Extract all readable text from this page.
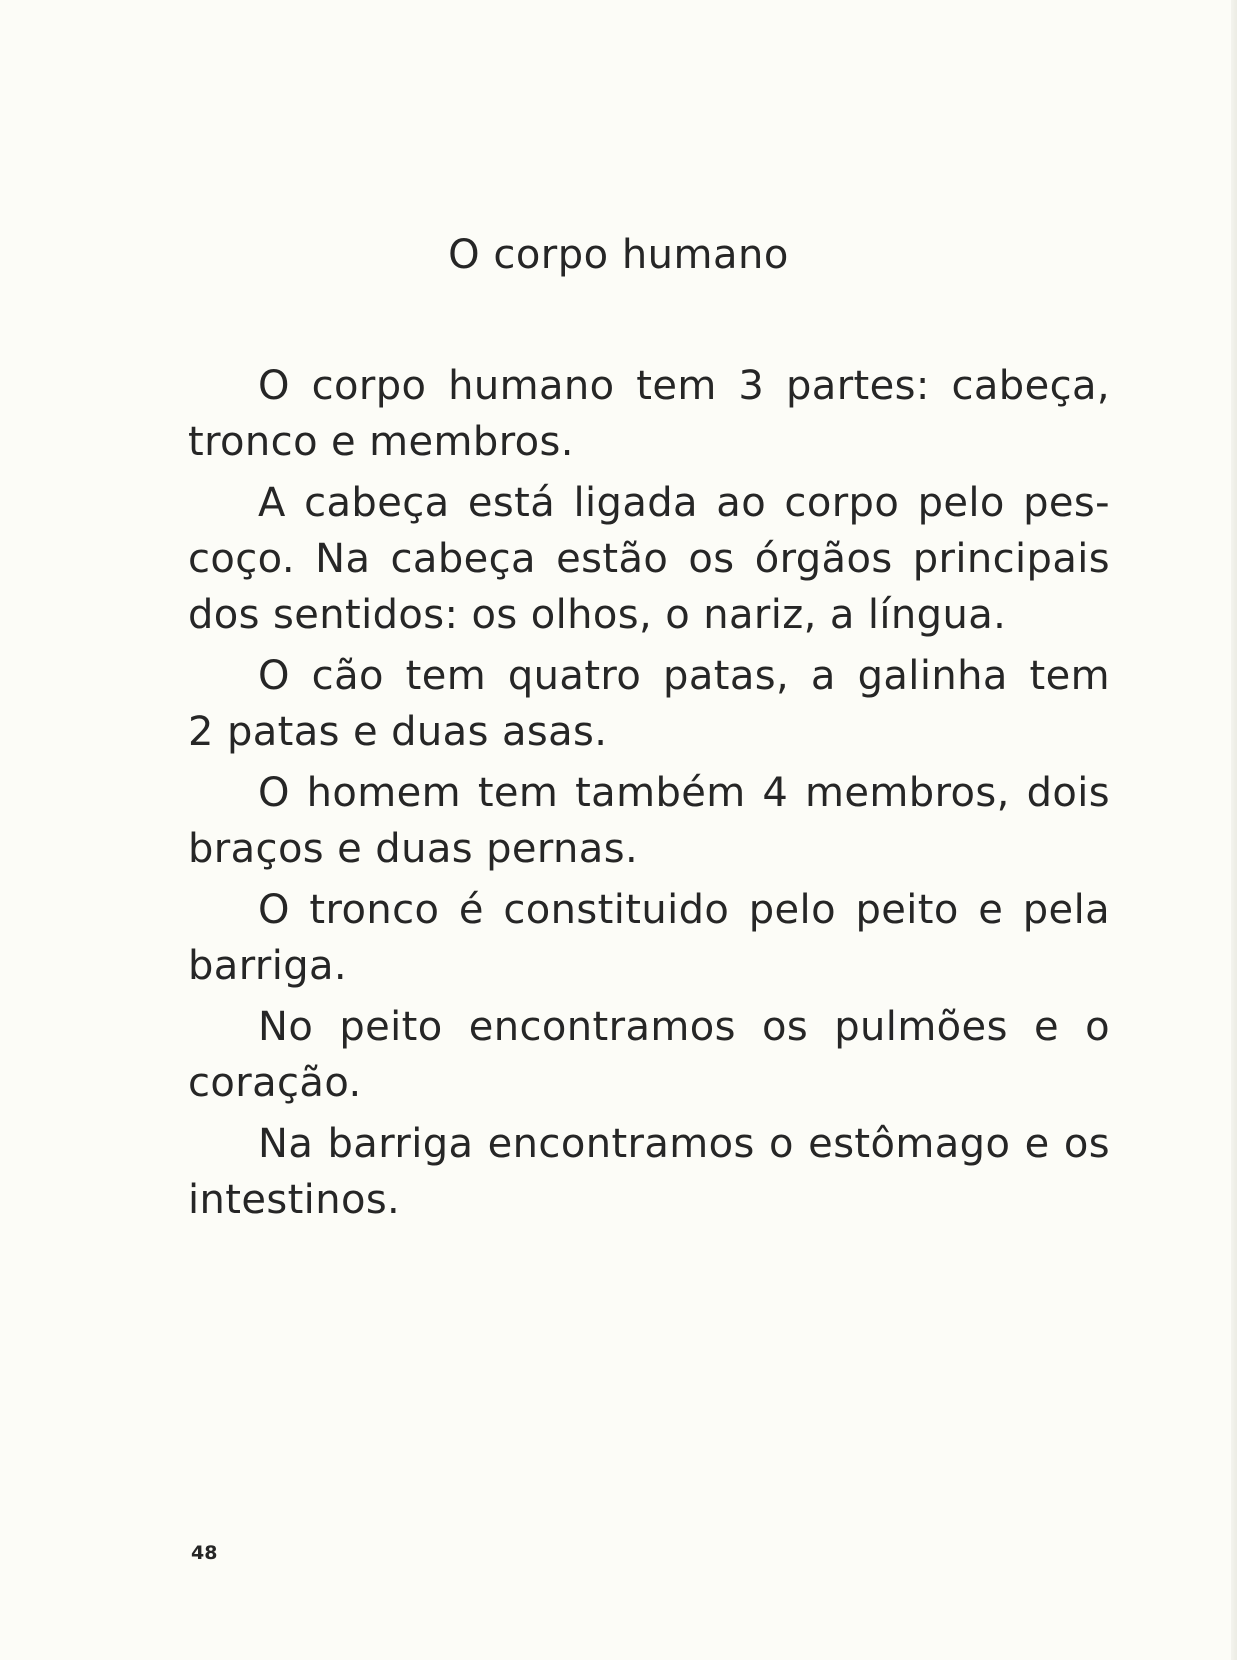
O corpo humano

O corpo humano tem 3 partes: cabeça,

tronco e membros.

A cabeça está ligada ao corpo pelo pes-

coço. Na cabeça estão os órgãos principais

dos sentidos: os olhos, o nariz, a língua.

O cão tem quatro patas, a galinha tem

2 patas e duas asas.

O homem tem também 4 membros, dois

braços e duas pernas.

O tronco é constituido pelo peito e pela

barriga.

No peito encontramos os pulmões e o

coração.

Na barriga encontramos o estômago e os

intestinos.

48
